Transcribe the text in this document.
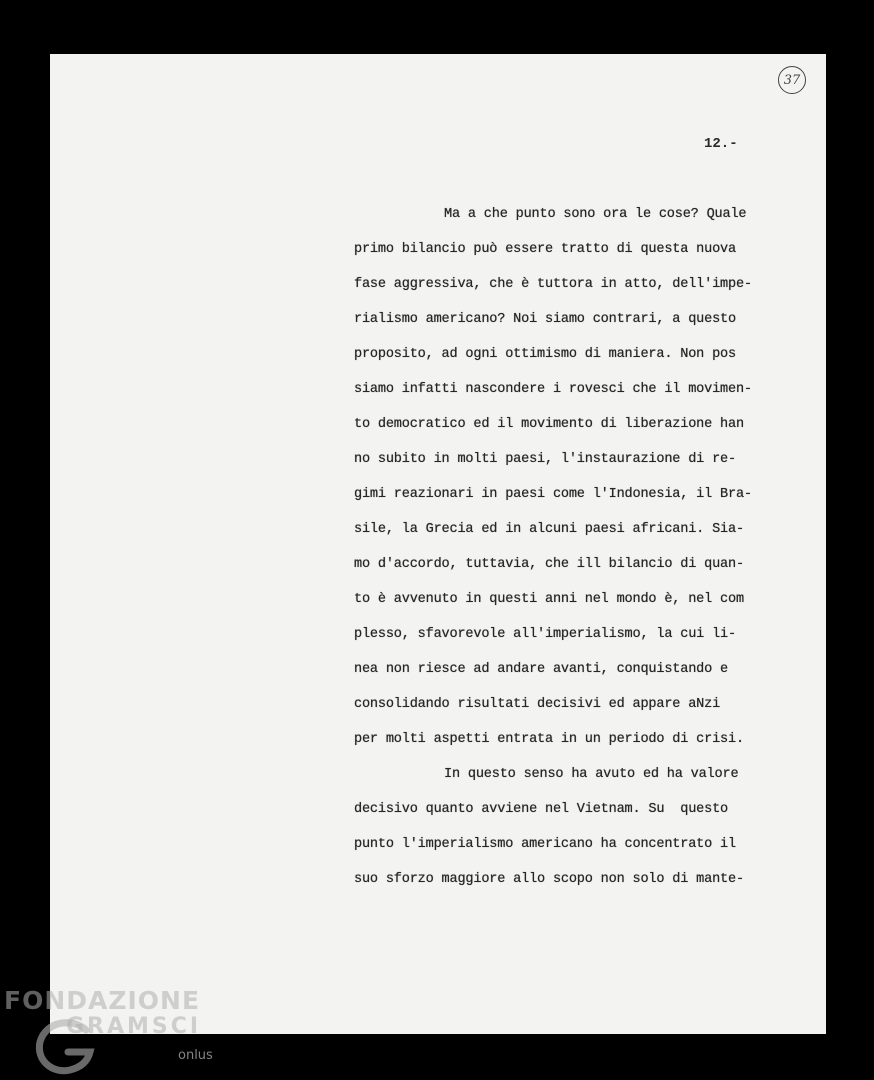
37
12.-
Ma a che punto sono ora le cose? Quale
primo bilancio può essere tratto di questa nuova
fase aggressiva, che è tuttora in atto, dell'impe-
rialismo americano? Noi siamo contrari, a questo
proposito, ad ogni ottimismo di maniera. Non pos
siamo infatti nascondere i rovesci che il movimen-
to democratico ed il movimento di liberazione han
no subito in molti paesi, l'instaurazione di re-
gimi reazionari in paesi come l'Indonesia, il Bra-
sile, la Grecia ed in alcuni paesi africani. Sia-
mo d'accordo, tuttavia, che ill bilancio di quan-
to è avvenuto in questi anni nel mondo è, nel com
plesso, sfavorevole all'imperialismo, la cui li-
nea non riesce ad andare avanti, conquistando e
consolidando risultati decisivi ed appare aNzi
per molti aspetti entrata in un periodo di crisi.
In questo senso ha avuto ed ha valore
decisivo quanto avviene nel Vietnam. Su  questo
punto l'imperialismo americano ha concentrato il
suo sforzo maggiore allo scopo non solo di mante-
FONDAZIONE
GRAMSCI
onlus
